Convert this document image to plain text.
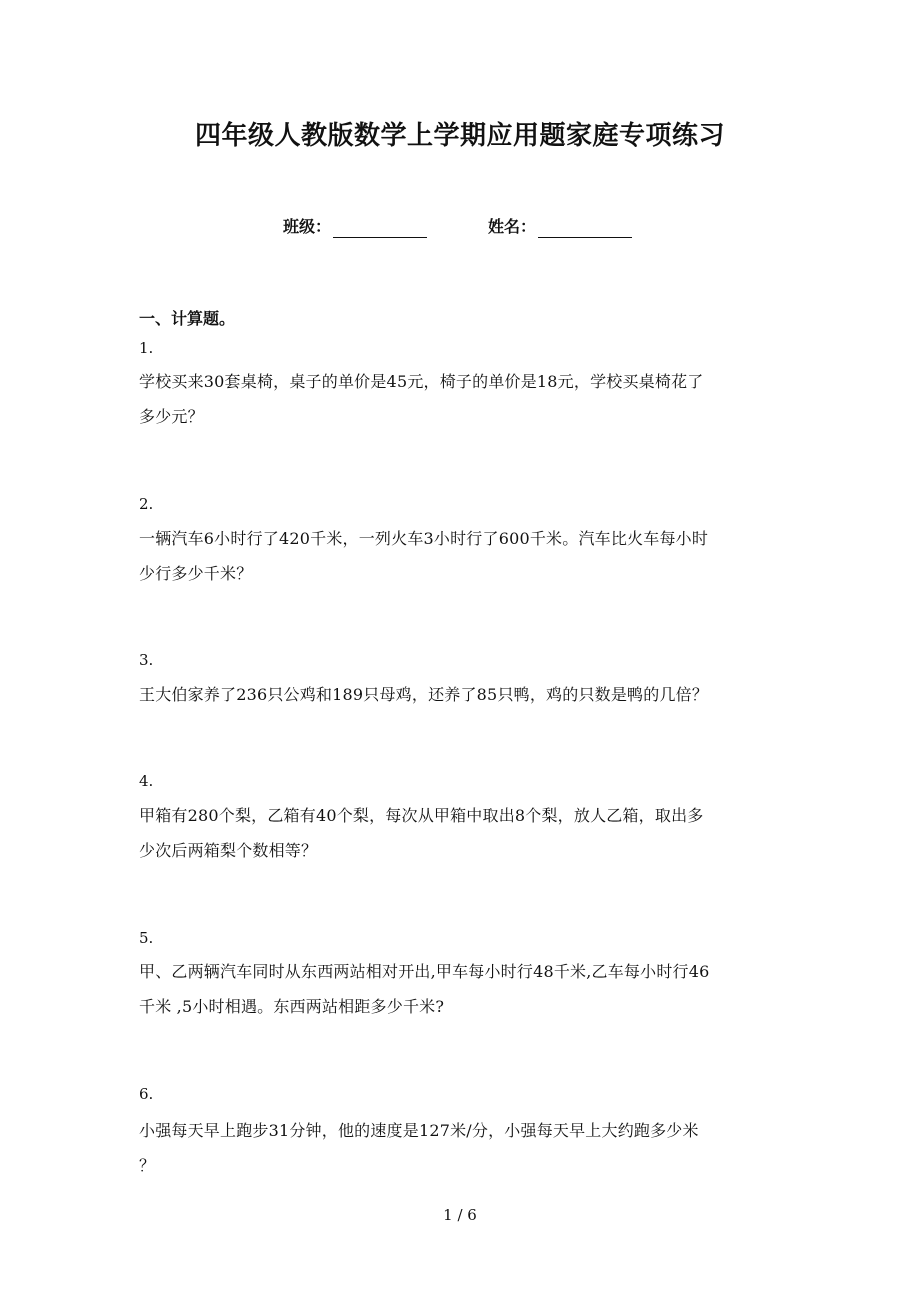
四年级人教版数学上学期应用题家庭专项练习
班级：	姓名：
一、计算题。
1.
学校买来30套桌椅，桌子的单价是45元，椅子的单价是18元，学校买桌椅花了
多少元？
2.
一辆汽车6小时行了420千米，一列火车3小时行了600千米。汽车比火车每小时
少行多少千米？
3.
王大伯家养了236只公鸡和189只母鸡，还养了85只鸭，鸡的只数是鸭的几倍？
4.
甲箱有280个梨，乙箱有40个梨，每次从甲箱中取出8个梨，放人乙箱，取出多
少次后两箱梨个数相等？
5.
甲、乙两辆汽车同时从东西两站相对开出,甲车每小时行48千米,乙车每小时行46
千米 ,5小时相遇。东西两站相距多少千米?
6.
小强每天早上跑步31分钟，他的速度是127米/分，小强每天早上大约跑多少米
？
1 / 6
